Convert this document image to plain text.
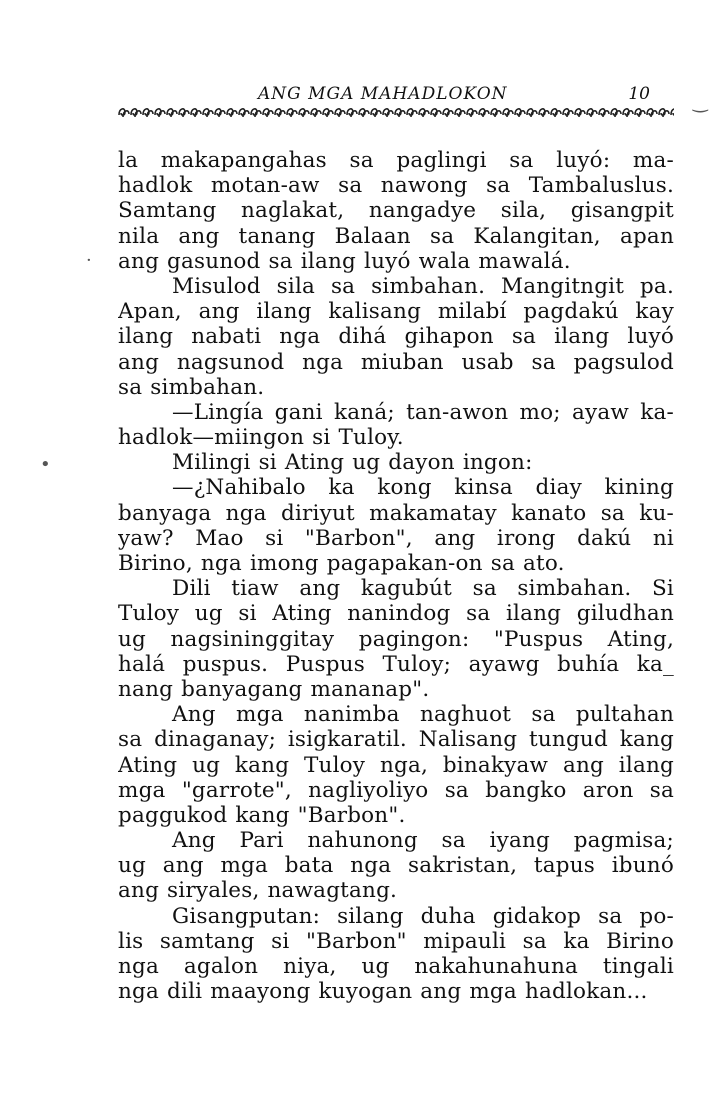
ANG MGA MAHADLOKON	10
la makapangahas sa paglingi sa luyó: ma-
hadlok motan-aw sa nawong sa Tambaluslus.
Samtang naglakat, nangadye sila, gisangpit
nila ang tanang Balaan sa Kalangitan, apan
ang gasunod sa ilang luyó wala mawalá.
Misulod sila sa simbahan. Mangitngit pa.
Apan, ang ilang kalisang milabí pagdakú kay
ilang nabati nga dihá gihapon sa ilang luyó
ang nagsunod nga miuban usab sa pagsulod
sa simbahan.
—Lingía gani kaná; tan-awon mo; ayaw ka-
hadlok—miingon si Tuloy.
Milingi si Ating ug dayon ingon:
—¿Nahibalo ka kong kinsa diay kining
banyaga nga diriyut makamatay kanato sa ku-
yaw? Mao si "Barbon", ang irong dakú ni
Birino, nga imong pagapakan-on sa ato.
Dili tiaw ang kagubút sa simbahan. Si
Tuloy ug si Ating nanindog sa ilang giludhan
ug nagsininggitay pagingon: "Puspus Ating,
halá puspus. Puspus Tuloy; ayawg buhía ka_
nang banyagang mananap".
Ang mga nanimba naghuot sa pultahan
sa dinaganay; isigkaratil. Nalisang tungud kang
Ating ug kang Tuloy nga, binakyaw ang ilang
mga "garrote", nagliyoliyo sa bangko aron sa
paggukod kang "Barbon".
Ang Pari nahunong sa iyang pagmisa;
ug ang mga bata nga sakristan, tapus ibunó
ang siryales, nawagtang.
Gisangputan: silang duha gidakop sa po-
lis samtang si "Barbon" mipauli sa ka Birino
nga agalon niya, ug nakahunahuna tingali
nga dili maayong kuyogan ang mga hadlokan...
·
•
‿
